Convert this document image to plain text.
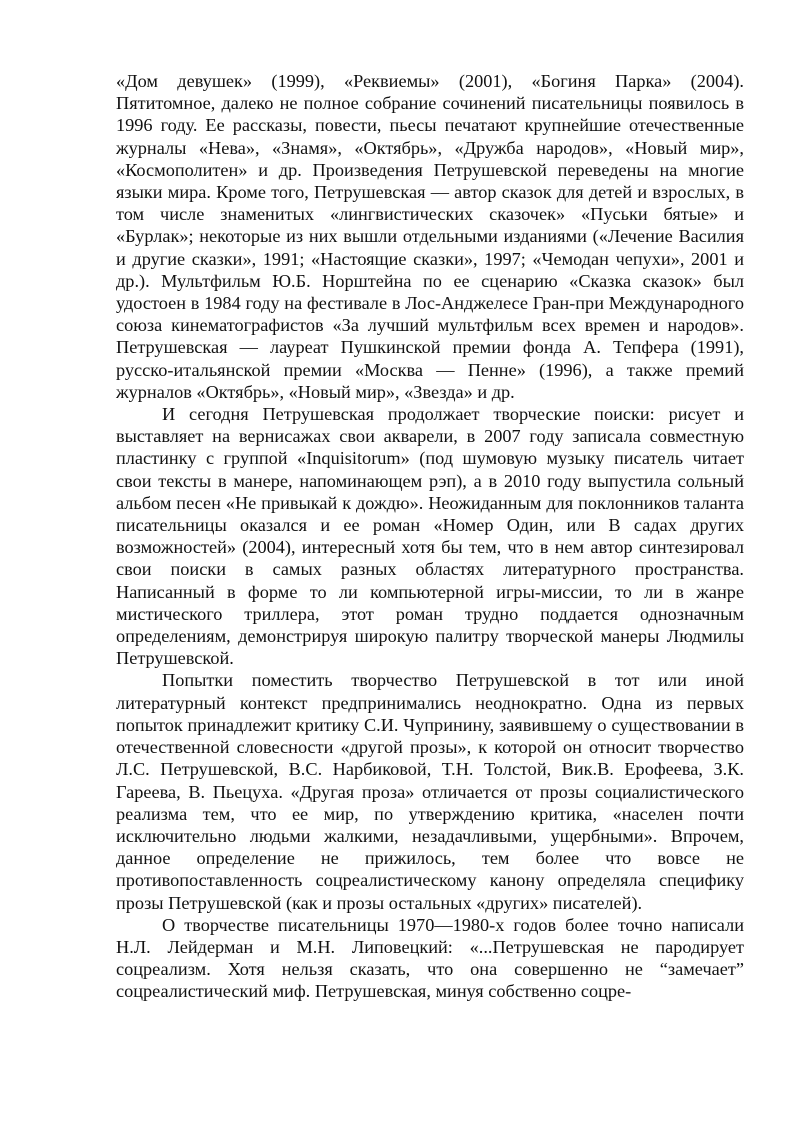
«Дом девушек» (1999), «Реквиемы» (2001), «Богиня Парка» (2004). Пятитомное, далеко не полное собрание сочинений писательницы появилось в 1996 году. Ее рассказы, повести, пьесы печатают крупнейшие отечественные журналы «Нева», «Знамя», «Октябрь», «Дружба народов», «Новый мир», «Космополитен» и др. Произведения Петрушевской переведены на многие языки мира. Кроме того, Петрушевская — автор сказок для детей и взрослых, в том числе знаменитых «лингвистических сказочек» «Пуськи бятые» и «Бурлак»; некоторые из них вышли отдельными изданиями («Лечение Василия и другие сказки», 1991; «Настоящие сказки», 1997; «Чемодан чепухи», 2001 и др.). Мультфильм Ю.Б. Норштейна по ее сценарию «Сказка сказок» был удостоен в 1984 году на фестивале в Лос-Анджелесе Гран-при Международного союза кинематографистов «За лучший мультфильм всех времен и народов». Петрушевская — лауреат Пушкинской премии фонда А. Тепфера (1991), русско-итальянской премии «Москва — Пенне» (1996), а также премий журналов «Октябрь», «Новый мир», «Звезда» и др.

И сегодня Петрушевская продолжает творческие поиски: рисует и выставляет на вернисажах свои акварели, в 2007 году записала совместную пластинку с группой «Inquisitorum» (под шумовую музыку писатель читает свои тексты в манере, напоминающем рэп), а в 2010 году выпустила сольный альбом песен «Не привыкай к дождю». Неожиданным для поклонников таланта писательницы оказался и ее роман «Номер Один, или В садах других возможностей» (2004), интересный хотя бы тем, что в нем автор синтезировал свои поиски в самых разных областях литературного пространства. Написанный в форме то ли компьютерной игры-миссии, то ли в жанре мистического триллера, этот роман трудно поддается однозначным определениям, демонстрируя широкую палитру творческой манеры Людмилы Петрушевской.

Попытки поместить творчество Петрушевской в тот или иной литературный контекст предпринимались неоднократно. Одна из первых попыток принадлежит критику С.И. Чупринину, заявившему о существовании в отечественной словесности «другой прозы», к которой он относит творчество Л.С. Петрушевской, В.С. Нарбиковой, Т.Н. Толстой, Вик.В. Ерофеева, З.К. Гареева, В. Пьецуха. «Другая проза» отличается от прозы социалистического реализма тем, что ее мир, по утверждению критика, «населен почти исключительно людьми жалкими, незадачливыми, ущербными». Впрочем, данное определение не прижилось, тем более что вовсе не противопоставленность соцреалистическому канону определяла специфику прозы Петрушевской (как и прозы остальных «других» писателей).

О творчестве писательницы 1970—1980-х годов более точно написали Н.Л. Лейдерман и М.Н. Липовецкий: «...Петрушевская не пародирует соцреализм. Хотя нельзя сказать, что она совершенно не “замечает” соцреалистический миф. Петрушевская, минуя собственно соцре-
